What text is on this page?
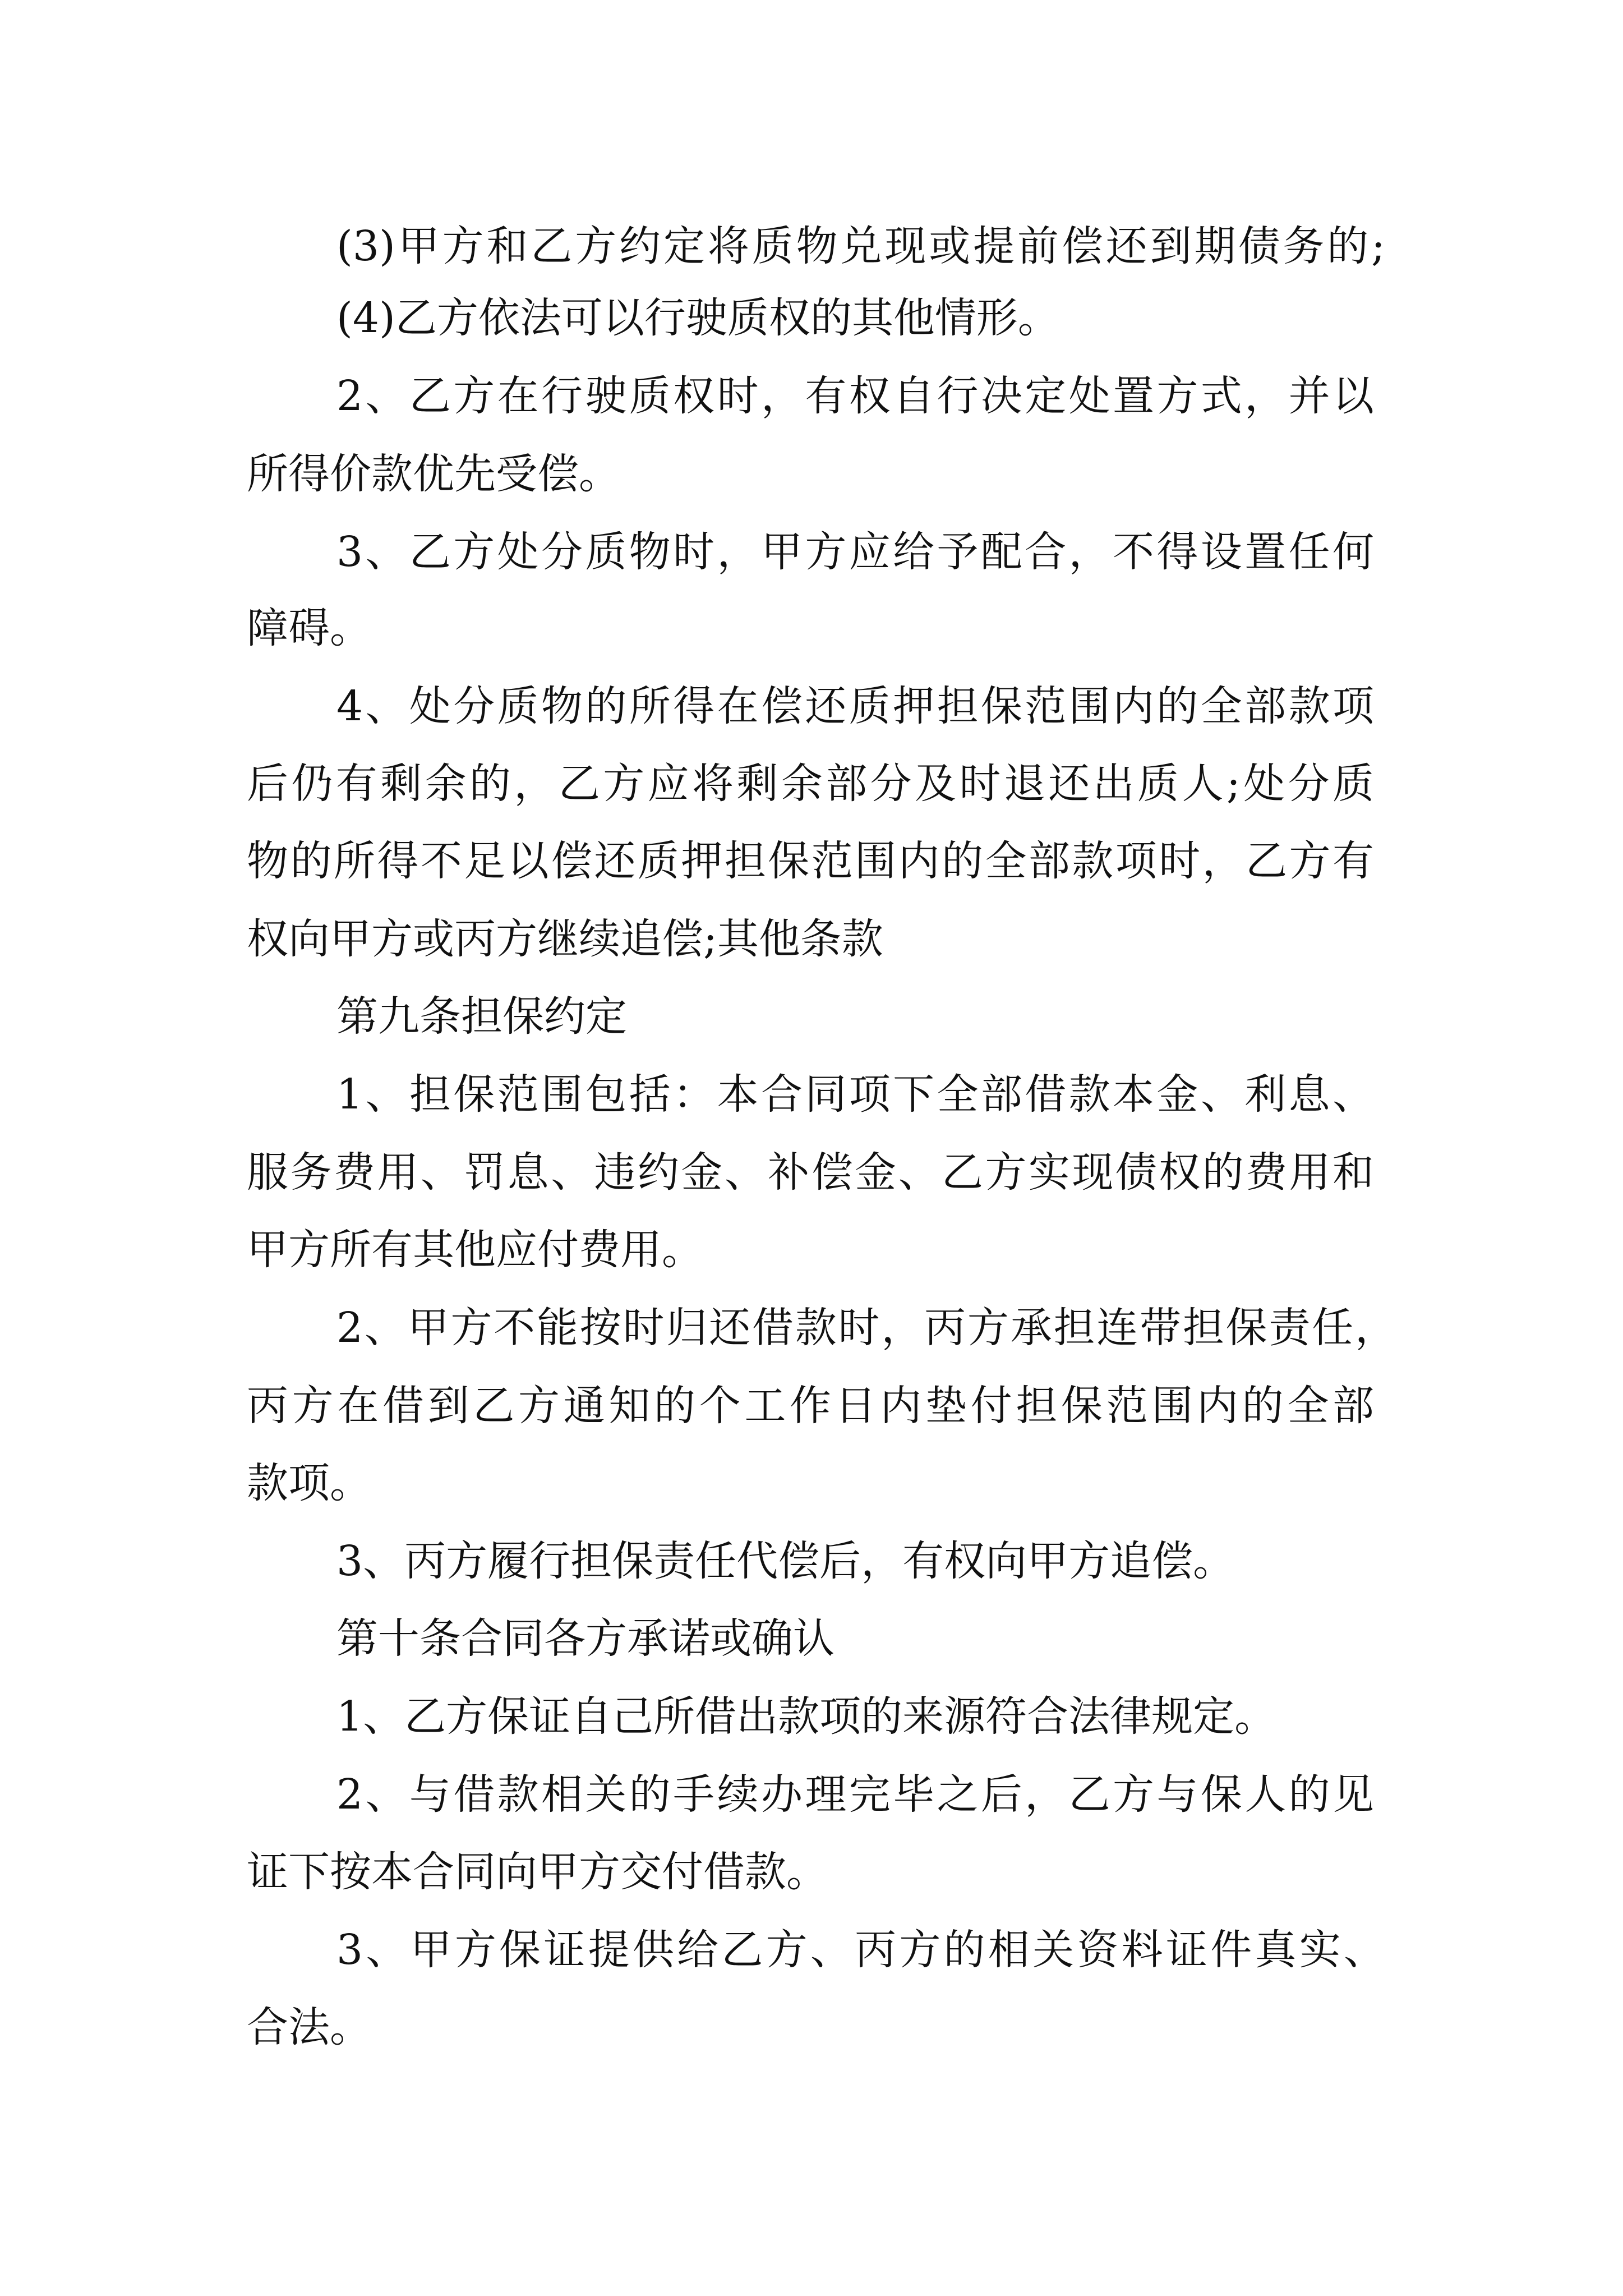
(3)甲方和乙方约定将质物兑现或提前偿还到期债务的;
(4)乙方依法可以行驶质权的其他情形。
2、乙方在行驶质权时，有权自行决定处置方式，并以
所得价款优先受偿。
3、乙方处分质物时，甲方应给予配合，不得设置任何
障碍。
4、处分质物的所得在偿还质押担保范围内的全部款项
后仍有剩余的，乙方应将剩余部分及时退还出质人;处分质
物的所得不足以偿还质押担保范围内的全部款项时，乙方有
权向甲方或丙方继续追偿;其他条款
第九条担保约定
1、担保范围包括：本合同项下全部借款本金、利息、
服务费用、罚息、违约金、补偿金、乙方实现债权的费用和
甲方所有其他应付费用。
2、甲方不能按时归还借款时，丙方承担连带担保责任，
丙方在借到乙方通知的个工作日内垫付担保范围内的全部
款项。
3、丙方履行担保责任代偿后，有权向甲方追偿。
第十条合同各方承诺或确认
1、乙方保证自己所借出款项的来源符合法律规定。
2、与借款相关的手续办理完毕之后，乙方与保人的见
证下按本合同向甲方交付借款。
3、甲方保证提供给乙方、丙方的相关资料证件真实、
合法。
